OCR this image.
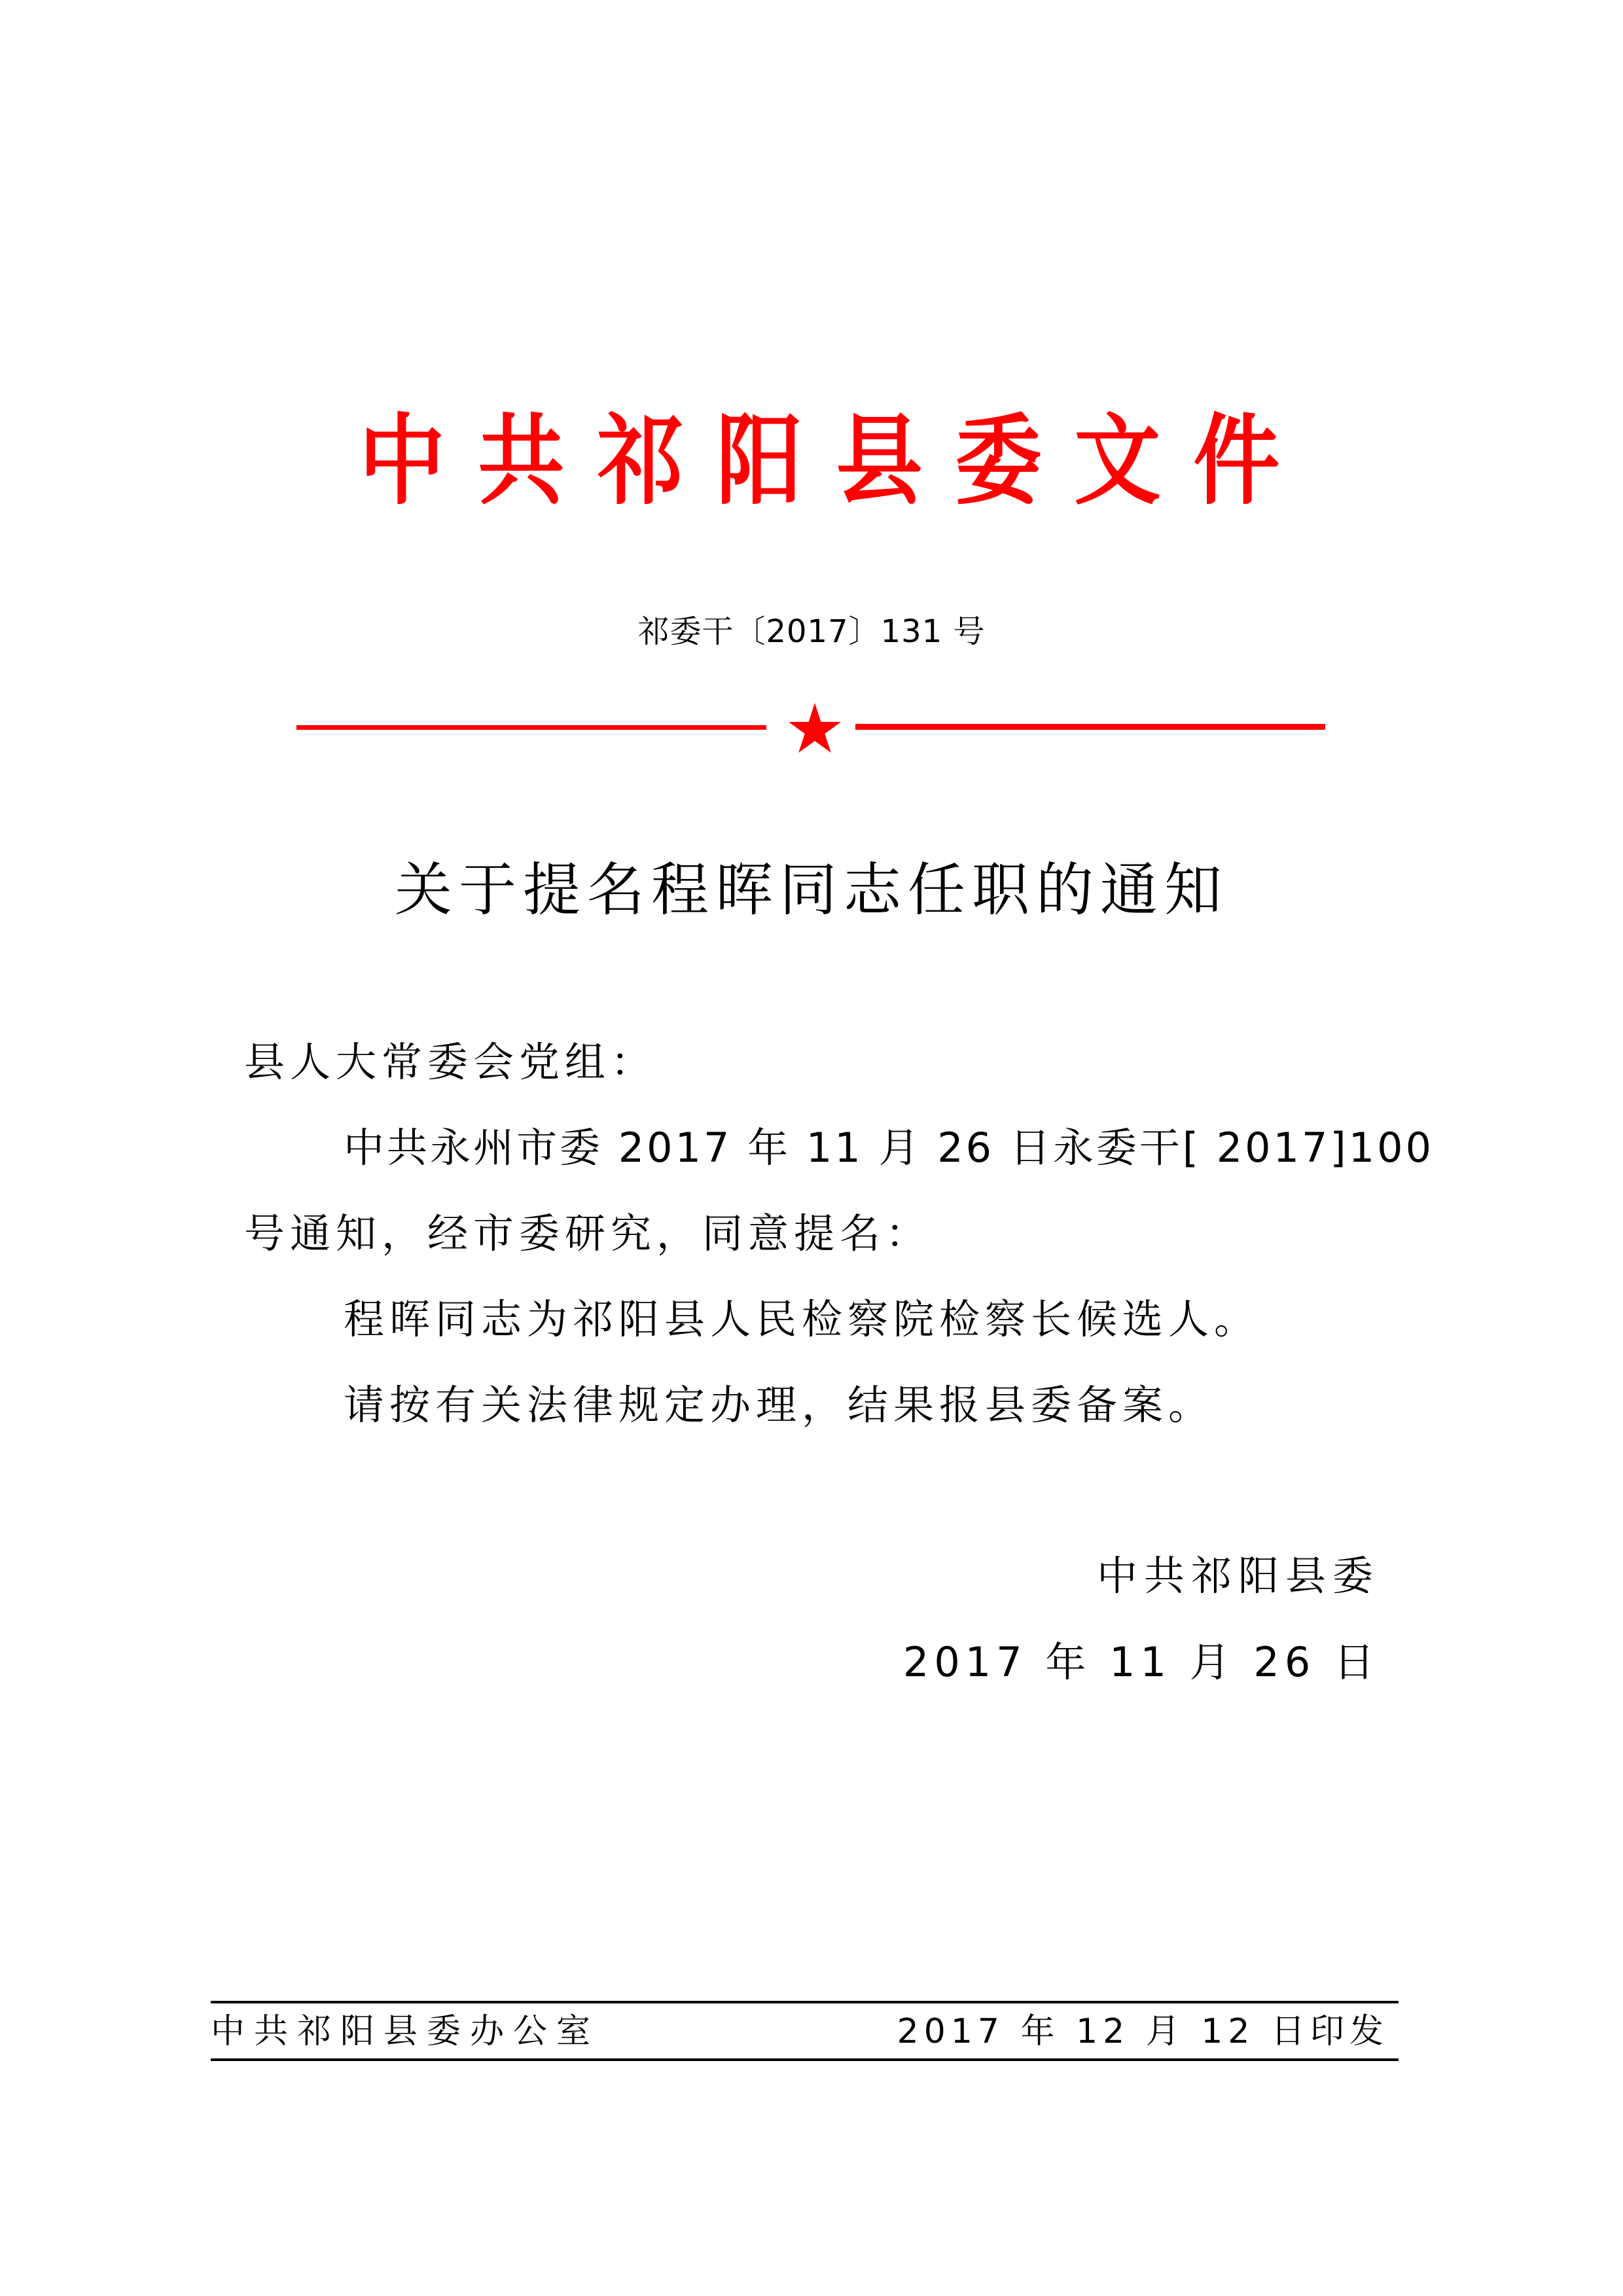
中 共 祁 阳 县 委 文 件
祁委干〔2017〕131 号
关于提名程晖同志任职的通知
县人大常委会党组：
中共永州市委 2017 年 11 月 26 日永委干[ 2017]100
号通知，经市委研究，同意提名：
程晖同志为祁阳县人民检察院检察长候选人。
请按有关法律规定办理，结果报县委备案。
中共祁阳县委
2017 年 11 月 26 日
中共祁阳县委办公室	2017 年 12 月 12 日印发
